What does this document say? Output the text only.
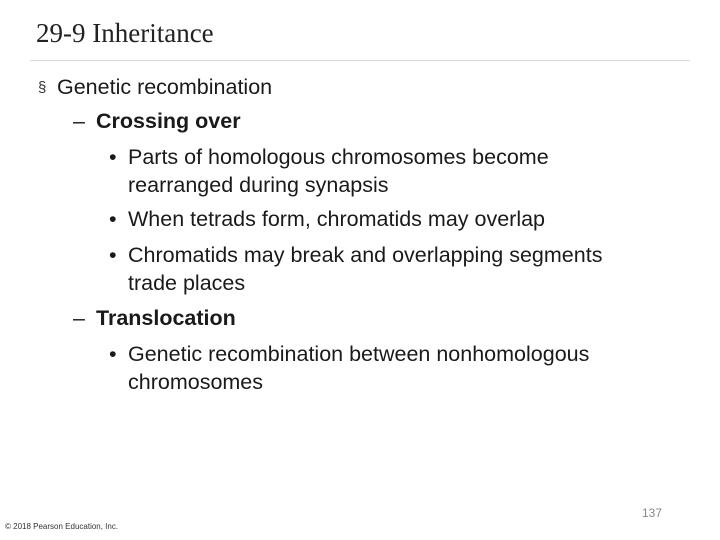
29-9 Inheritance
§ Genetic recombination
– Crossing over
• Parts of homologous chromosomes become
rearranged during synapsis
• When tetrads form, chromatids may overlap
• Chromatids may break and overlapping segments
trade places
– Translocation
• Genetic recombination between nonhomologous
chromosomes
137
© 2018 Pearson Education, Inc.
